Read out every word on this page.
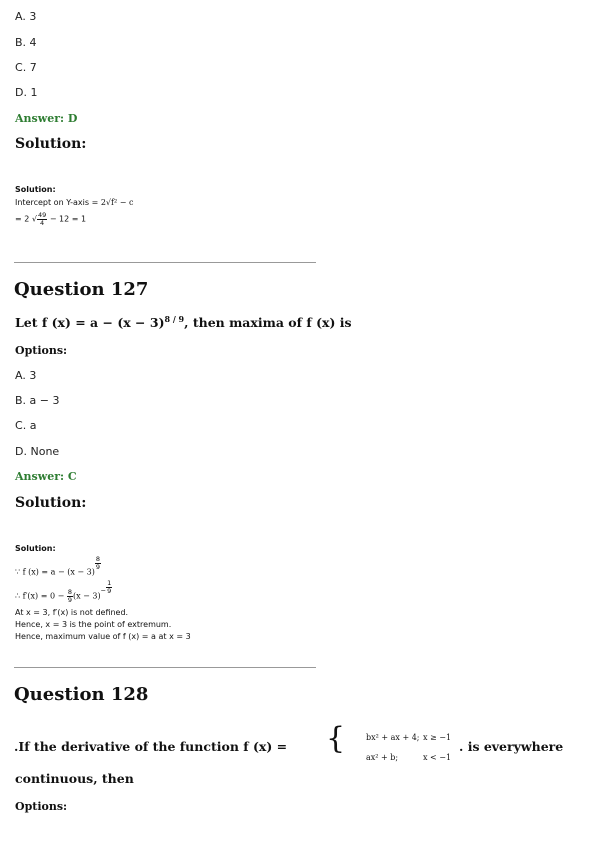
A. 3
B. 4
C. 7
D. 1
Answer: D
Solution:
Solution:
Intercept on Y-axis = 2√f² − c
= 2 √ $\frac{49}{4} - 12 = 1$
Question 127
Let f $(x) = a - (x - 3)^{8 / 9}$, then maxima of f (x) is
Options:
A. 3
B. a − 3
C. a
D. None
Answer: C
Solution:
Solution:
∵ f (x) = a − (x − 3)
$\frac{8}{9}$
∴ $f'(x) = 0 - \frac{8}{9} (x - 3)^- \frac{1}{9}$
At x = 3, f′(x) is not defined.
Hence, x = 3 is the point of extremum.
Hence, maximum value of f (x) = a at x = 3
Question 128
.If the derivative of the function f (x) = {	bx² + ax + 4; x ≥ −1
ax² + b;	x < −1
. is everywhere
continuous, then
Options:
